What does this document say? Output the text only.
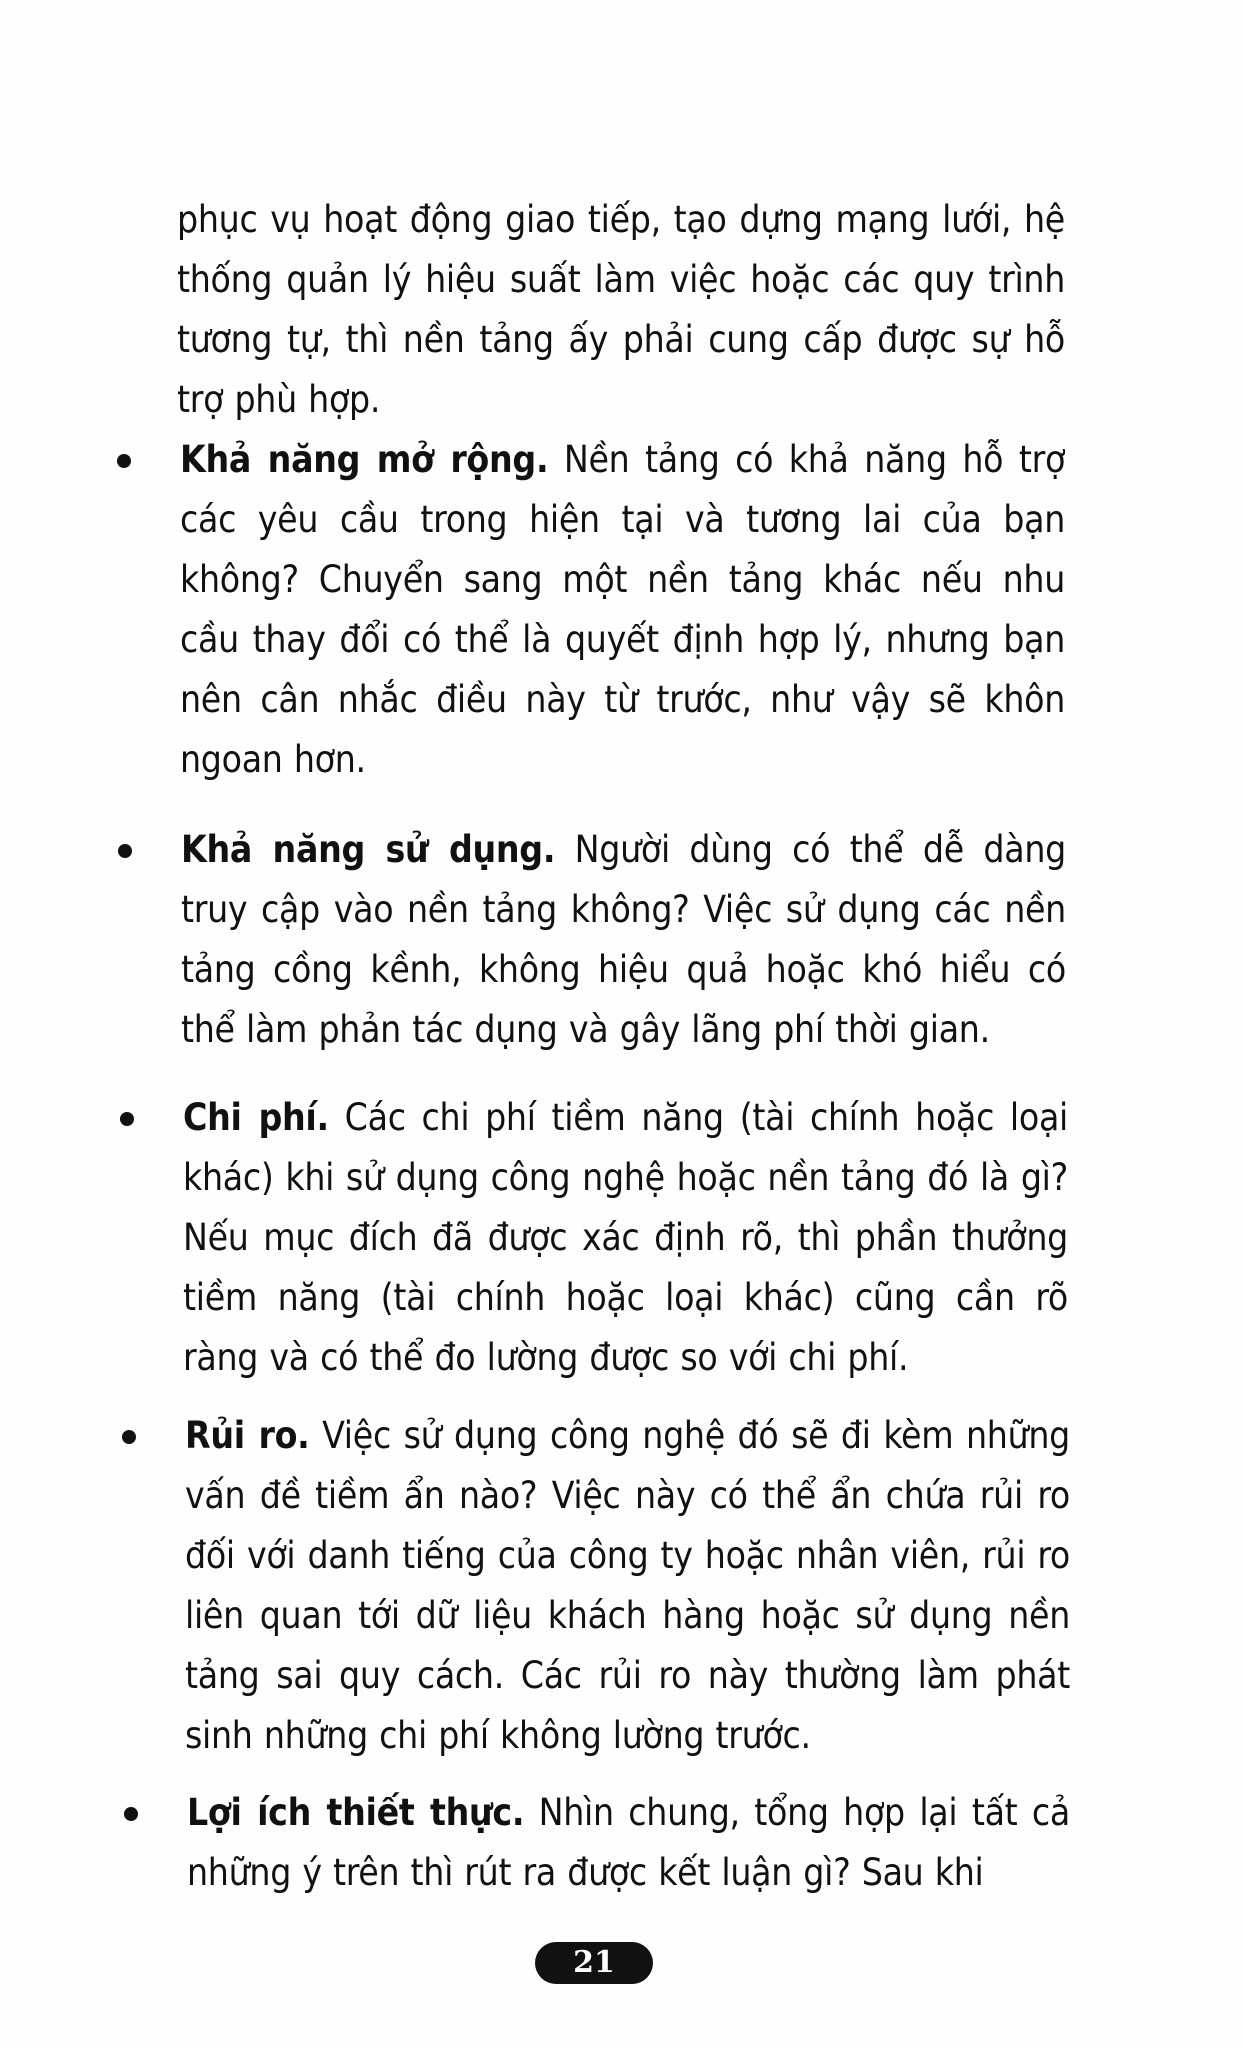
phục vụ hoạt động giao tiếp, tạo dựng mạng lưới, hệ thống quản lý hiệu suất làm việc hoặc các quy trình tương tự, thì nền tảng ấy phải cung cấp được sự hỗ trợ phù hợp.

Khả năng mở rộng. Nền tảng có khả năng hỗ trợ các yêu cầu trong hiện tại và tương lai của bạn không? Chuyển sang một nền tảng khác nếu nhu cầu thay đổi có thể là quyết định hợp lý, nhưng bạn nên cân nhắc điều này từ trước, như vậy sẽ khôn ngoan hơn.

Khả năng sử dụng. Người dùng có thể dễ dàng truy cập vào nền tảng không? Việc sử dụng các nền tảng cồng kềnh, không hiệu quả hoặc khó hiểu có thể làm phản tác dụng và gây lãng phí thời gian.

Chi phí. Các chi phí tiềm năng (tài chính hoặc loại khác) khi sử dụng công nghệ hoặc nền tảng đó là gì? Nếu mục đích đã được xác định rõ, thì phần thưởng tiềm năng (tài chính hoặc loại khác) cũng cần rõ ràng và có thể đo lường được so với chi phí.

Rủi ro. Việc sử dụng công nghệ đó sẽ đi kèm những vấn đề tiềm ẩn nào? Việc này có thể ẩn chứa rủi ro đối với danh tiếng của công ty hoặc nhân viên, rủi ro liên quan tới dữ liệu khách hàng hoặc sử dụng nền tảng sai quy cách. Các rủi ro này thường làm phát sinh những chi phí không lường trước.

Lợi ích thiết thực. Nhìn chung, tổng hợp lại tất cả những ý trên thì rút ra được kết luận gì? Sau khi

21
